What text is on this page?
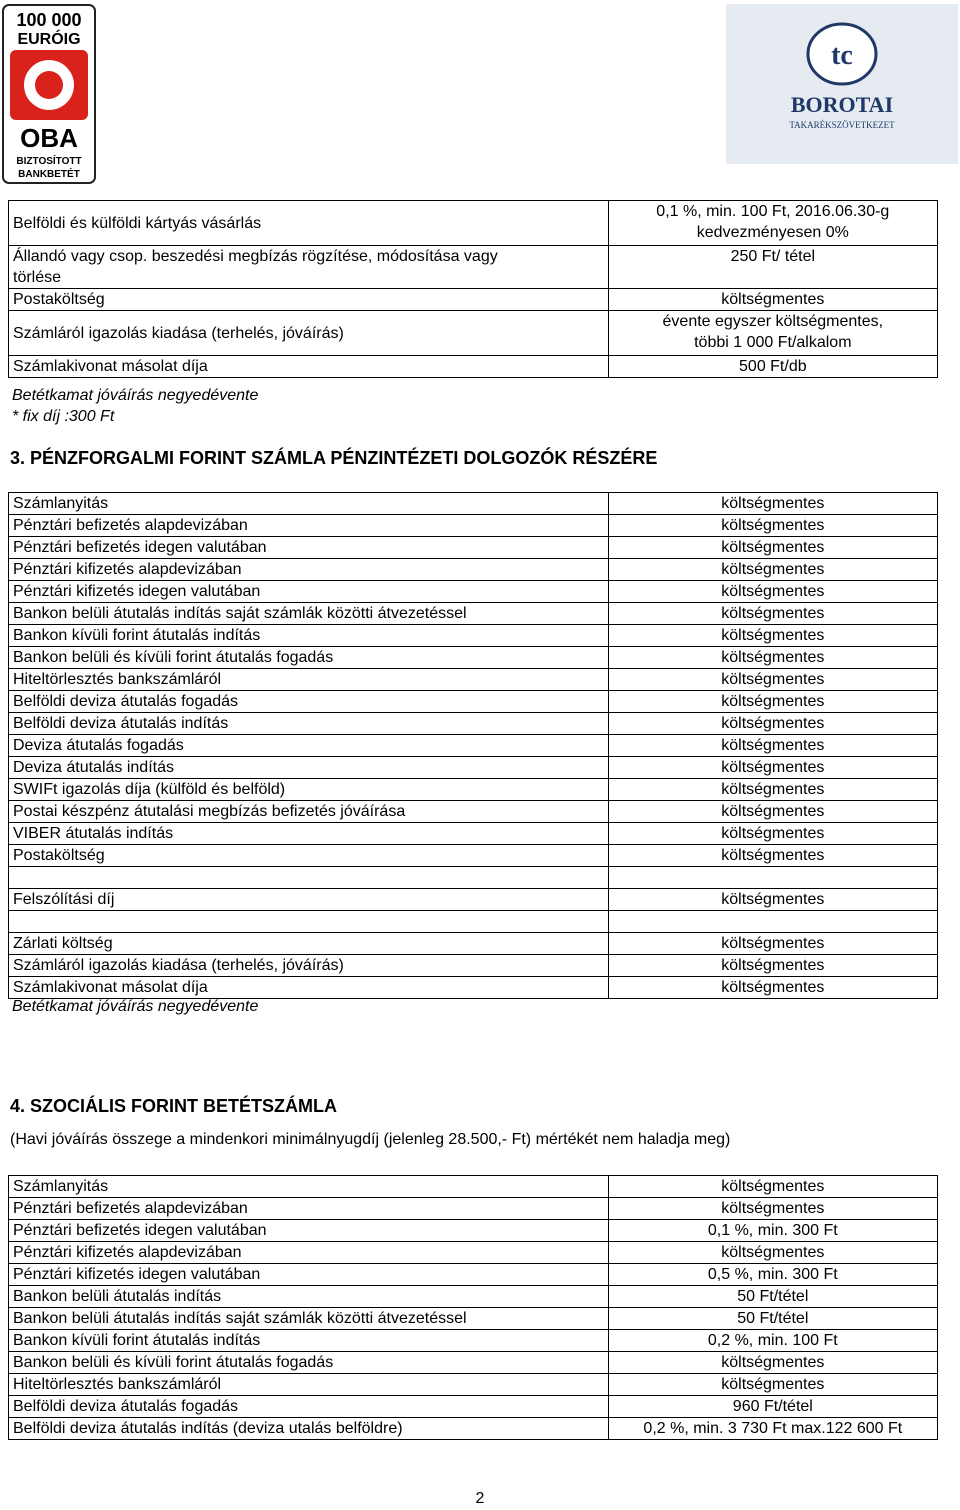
BOROTAI TAKARÉKSZÖVETKEZET
SZÁMLAVEZETÉS DÍJTÉTELEI FOGYASZTÓK
RÉSZÉRE
2015. október 20-tól
100 000
EURÓIG
OBA
BIZTOSÍTOTT
BANKBETÉT
tc
BOROTAI
TAKARÉKSZÖVETKEZET
Belföldi és külföldi kártyás vásárlás	0,1 %, min. 100 Ft, 2016.06.30-g
kedvezményesen 0%

Állandó vagy csop. beszedési megbízás rögzítése, módosítása vagy
törlése	250 Ft/ tétel
Postaköltség	költségmentes
Számláról igazolás kiadása (terhelés, jóváírás)	évente egyszer költségmentes,
többi 1 000 Ft/alkalom

Számlakivonat másolat díja	500 Ft/db
Betétkamat jóváírás negyedévente
* fix díj :300 Ft
3. PÉNZFORGALMI FORINT SZÁMLA PÉNZINTÉZETI DOLGOZÓK RÉSZÉRE
Számlanyitás	költségmentes
Pénztári befizetés alapdevizában	költségmentes
Pénztári befizetés idegen valutában	költségmentes
Pénztári kifizetés alapdevizában	költségmentes
Pénztári kifizetés idegen valutában	költségmentes
Bankon belüli átutalás indítás saját számlák közötti átvezetéssel	költségmentes
Bankon kívüli forint átutalás indítás	költségmentes
Bankon belüli és kívüli forint átutalás fogadás	költségmentes
Hiteltörlesztés bankszámláról	költségmentes
Belföldi deviza átutalás fogadás	költségmentes
Belföldi deviza átutalás indítás	költségmentes
Deviza átutalás fogadás	költségmentes
Deviza átutalás indítás	költségmentes
SWIFt igazolás díja (külföld és belföld)	költségmentes
Postai készpénz átutalási megbízás befizetés jóváírása	költségmentes
VIBER átutalás indítás	költségmentes
Postaköltség	költségmentes

Felszólítási díj	költségmentes

Zárlati költség	költségmentes
Számláról igazolás kiadása (terhelés, jóváírás)	költségmentes
Számlakivonat másolat díja	költségmentes
Betétkamat jóváírás negyedévente
4. SZOCIÁLIS FORINT BETÉTSZÁMLA
(Havi jóváírás összege a mindenkori minimálnyugdíj (jelenleg 28.500,- Ft) mértékét nem haladja meg)
Számlanyitás	költségmentes
Pénztári befizetés alapdevizában	költségmentes
Pénztári befizetés idegen valutában	0,1 %, min. 300 Ft
Pénztári kifizetés alapdevizában	költségmentes
Pénztári kifizetés idegen valutában	0,5 %, min. 300 Ft
Bankon belüli átutalás indítás	50 Ft/tétel
Bankon belüli átutalás indítás saját számlák közötti átvezetéssel	50 Ft/tétel
Bankon kívüli forint átutalás indítás	0,2 %, min. 100 Ft
Bankon belüli és kívüli forint átutalás fogadás	költségmentes
Hiteltörlesztés bankszámláról	költségmentes
Belföldi deviza átutalás fogadás	960 Ft/tétel
Belföldi deviza átutalás indítás (deviza utalás belföldre)	0,2 %, min. 3 730 Ft max.122 600 Ft
2
